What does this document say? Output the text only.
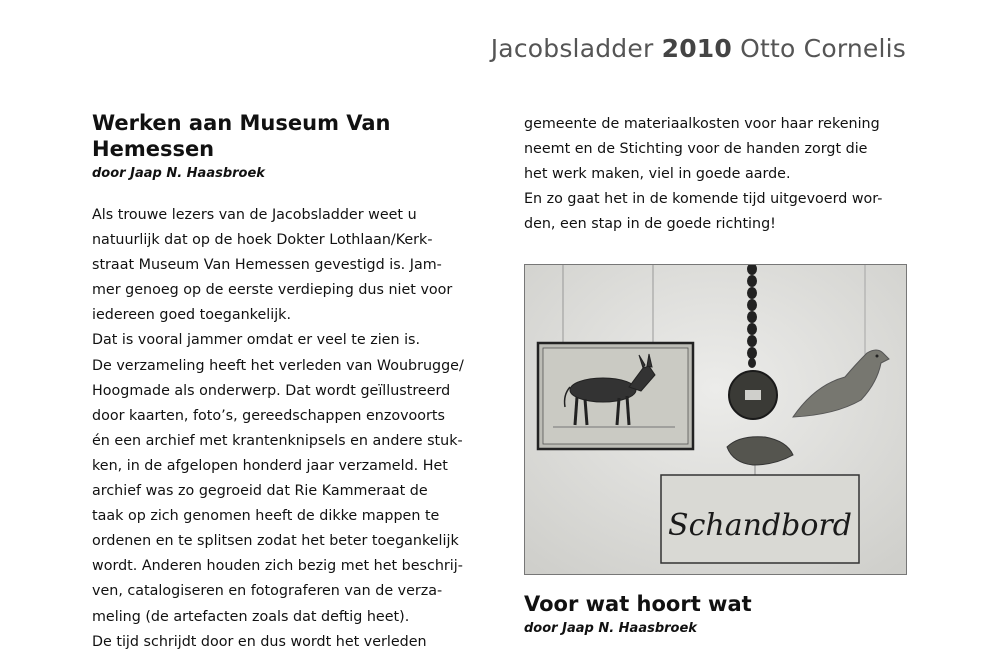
Jacobsladder 2010 Otto Cornelis
Werken aan Museum Van
Hemessen
door Jaap N. Haasbroek

Als trouwe lezers van de Jacobsladder weet u
natuurlijk dat op de hoek Dokter Lothlaan/Kerk-
straat Museum Van Hemessen gevestigd is. Jam-
mer genoeg op de eerste verdieping dus niet voor
iedereen goed toegankelijk.
Dat is vooral jammer omdat er veel te zien is.
De verzameling heeft het verleden van Woubrugge/
Hoogmade als onderwerp. Dat wordt geïllustreerd
door kaarten, foto’s, gereedschappen enzovoorts
én een archief met krantenknipsels en andere stuk-
ken, in de afgelopen honderd jaar verzameld. Het
archief was zo gegroeid dat Rie Kammeraat de
taak op zich genomen heeft de dikke mappen te
ordenen en te splitsen zodat het beter toegankelijk
wordt. Anderen houden zich bezig met het beschrij-
ven, catalogiseren en fotograferen van de verza-
meling (de artefacten zoals dat deftig heet).
De tijd schrijdt door en dus wordt het verleden

gemeente de materiaalkosten voor haar rekening
neemt en de Stichting voor de handen zorgt die
het werk maken, viel in goede aarde.
En zo gaat het in de komende tijd uitgevoerd wor-
den, een stap in de goede richting!

Schandbord
Voor wat hoort wat
door Jaap N. Haasbroek
